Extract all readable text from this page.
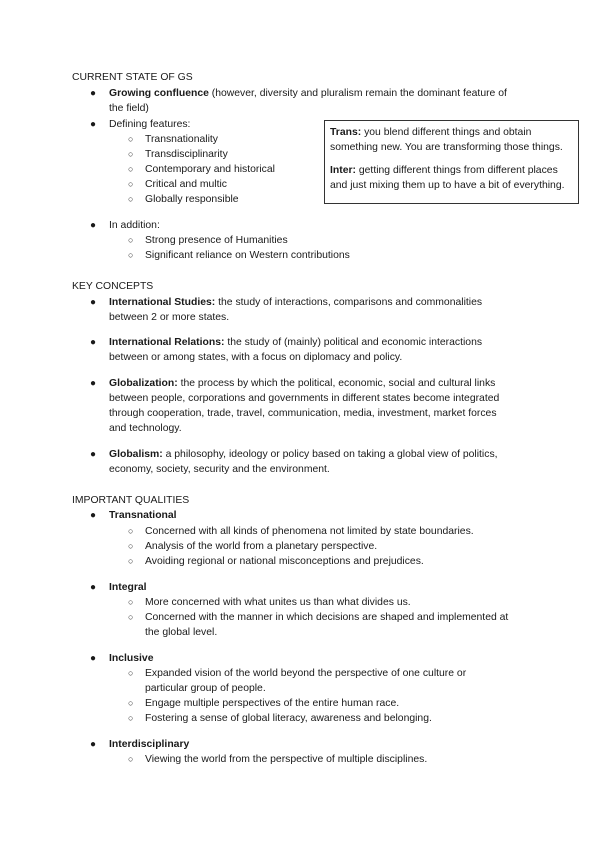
CURRENT STATE OF GS
● Growing confluence (however, diversity and pluralism remain the dominant feature of
the field)
● Defining features:
○ Transnationality
○ Transdisciplinarity
○ Contemporary and historical
○ Critical and multic
○ Globally responsible
● In addition:
○ Strong presence of Humanities
○ Significant reliance on Western contributions

Trans: you blend different things and obtain
something new. You are transforming those things.

Inter: getting different things from different places
and just mixing them up to have a bit of everything.

KEY CONCEPTS
● International Studies: the study of interactions, comparisons and commonalities
between 2 or more states.
● International Relations: the study of (mainly) political and economic interactions
between or among states, with a focus on diplomacy and policy.
● Globalization: the process by which the political, economic, social and cultural links
between people, corporations and governments in different states become integrated
through cooperation, trade, travel, communication, media, investment, market forces
and technology.
● Globalism: a philosophy, ideology or policy based on taking a global view of politics,
economy, society, security and the environment.
IMPORTANT QUALITIES
● Transnational
○ Concerned with all kinds of phenomena not limited by state boundaries.
○ Analysis of the world from a planetary perspective.
○ Avoiding regional or national misconceptions and prejudices.
● Integral
○ More concerned with what unites us than what divides us.
○ Concerned with the manner in which decisions are shaped and implemented at
the global level.
● Inclusive
○ Expanded vision of the world beyond the perspective of one culture or
particular group of people.
○ Engage multiple perspectives of the entire human race.
○ Fostering a sense of global literacy, awareness and belonging.
● Interdisciplinary
○ Viewing the world from the perspective of multiple disciplines.
